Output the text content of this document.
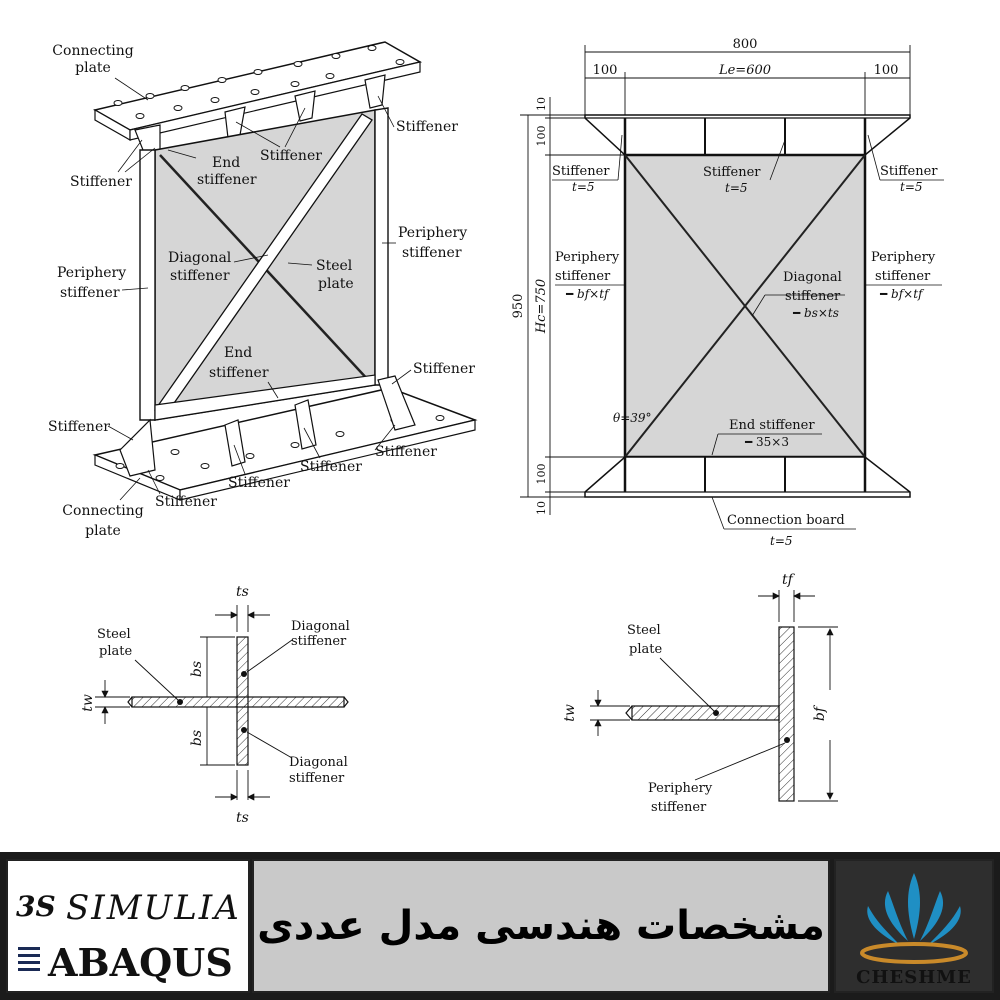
Connecting plate
Stiffener
Stiffener
Stiffener
End stiffener
Diagonal stiffener
Steel plate
Periphery stiffener
Periphery stiffener
End stiffener	Stiffener
Stiffener
Stiffener
Stiffener
Stiffener
Stiffener
Connecting plate
800
100	Le=600	100
950 Hc=750
10
100
100
10
Stiffener
t=5
Stiffener
t=5
Stiffener
t=5
Periphery stiffener ━ bf×tf
Periphery stiffener ━ bf×tf
Diagonal stiffener ━ bs×ts
θ=39°	End stiffener
━ 35×3
Connection board
t=5
ts
ts
Steel plate
Diagonal stiffener
Diagonal stiffener
bs
bs
tw
tf
Steel plate
tw	bf
Periphery stiffener
3S SIMULIA
ABAQUS
مشخصات هندسی مدل عددی
CHESHME
